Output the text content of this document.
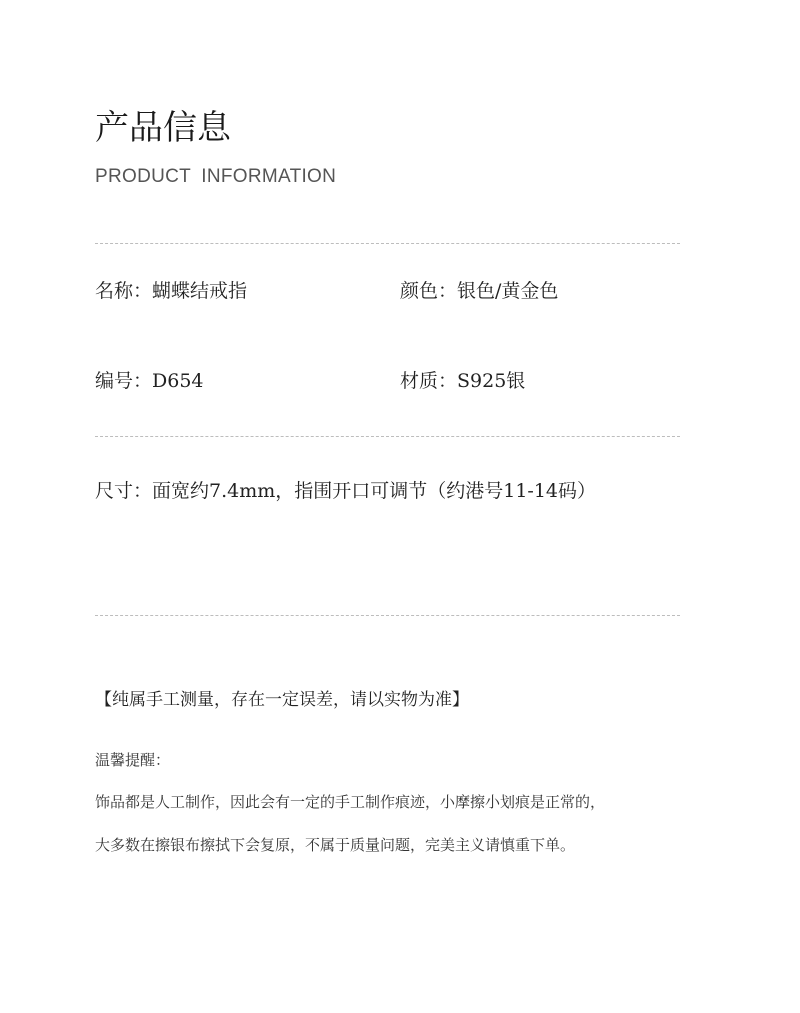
产品信息
PRODUCT INFORMATION
名称：蝴蝶结戒指	颜色：银色/黄金色
编号：D654	材质：S925银
尺寸：面宽约7.4mm，指围开口可调节（约港号11-14码）
【纯属手工测量，存在一定误差，请以实物为准】
温馨提醒：
饰品都是人工制作，因此会有一定的手工制作痕迹，小摩擦小划痕是正常的，
大多数在擦银布擦拭下会复原，不属于质量问题，完美主义请慎重下单。
